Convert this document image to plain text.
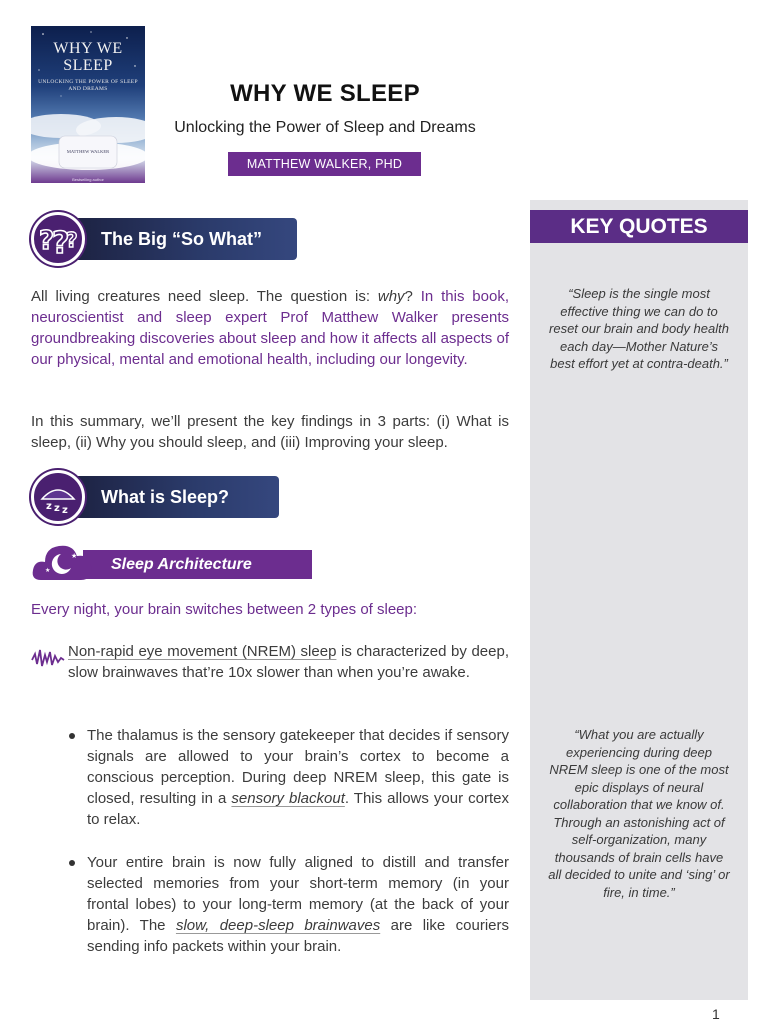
WHY WE SLEEP
UNLOCKING THE POWER OF SLEEP AND DREAMS
MATTHEW WALKER
Bestselling author
WHY WE SLEEP
Unlocking the Power of Sleep and Dreams
MATTHEW WALKER, PHD
The Big “So What”
?
?
?

All living creatures need sleep. The question is: why? In this book, neuroscientist and sleep expert Prof Matthew Walker presents groundbreaking discoveries about sleep and how it affects all aspects of our physical, mental and emotional health, including our longevity.

In this summary, we’ll present the key findings in 3 parts: (i) What is sleep, (ii) Why you should sleep, and (iii) Improving your sleep.

What is Sleep?
z z z
Sleep Architecture
★
★

Every night, your brain switches between 2 types of sleep:

Non-rapid eye movement (NREM) sleep is characterized by deep, slow brainwaves that’re 10x slower than when you’re awake.

The thalamus is the sensory gatekeeper that decides if sensory signals are allowed to your brain’s cortex to become a conscious perception. During deep NREM sleep, this gate is closed, resulting in a sensory blackout. This allows your cortex to relax.

Your entire brain is now fully aligned to distill and transfer selected memories from your short-term memory (in your frontal lobes) to your long-term memory (at the back of your brain). The slow, deep-sleep brainwaves are like couriers sending info packets within your brain.

KEY QUOTES
“Sleep is the single most effective thing we can do to reset our brain and body health each day—Mother Nature’s best effort yet at contra-death.”
“What you are actually experiencing during deep NREM sleep is one of the most epic displays of neural collaboration that we know of. Through an astonishing act of self-organization, many thousands of brain cells have all decided to unite and ‘sing’ or fire, in time.”
1
